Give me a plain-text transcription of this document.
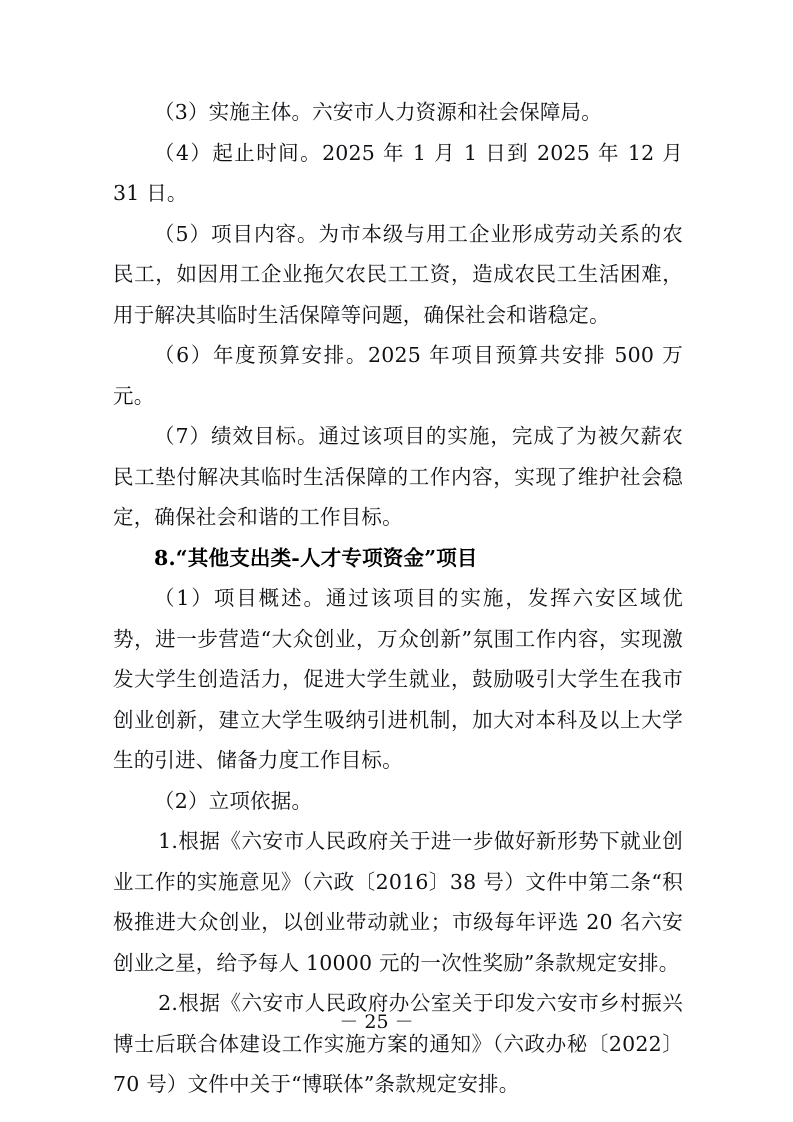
（3）实施主体。六安市人力资源和社会保障局。

（4）起止时间。2025 年 1 月 1 日到 2025 年 12 月 31 日。

（5）项目内容。为市本级与用工企业形成劳动关系的农民工，如因用工企业拖欠农民工工资，造成农民工生活困难，用于解决其临时生活保障等问题，确保社会和谐稳定。

（6）年度预算安排。2025 年项目预算共安排 500 万元。

（7）绩效目标。通过该项目的实施，完成了为被欠薪农民工垫付解决其临时生活保障的工作内容，实现了维护社会稳定，确保社会和谐的工作目标。

8.“其他支出类-人才专项资金”项目

（1）项目概述。通过该项目的实施，发挥六安区域优势，进一步营造“大众创业，万众创新”氛围工作内容，实现激发大学生创造活力，促进大学生就业，鼓励吸引大学生在我市创业创新，建立大学生吸纳引进机制，加大对本科及以上大学生的引进、储备力度工作目标。

（2）立项依据。

1.根据《六安市人民政府关于进一步做好新形势下就业创业工作的实施意见》（六政〔2016〕38 号）文件中第二条“积极推进大众创业，以创业带动就业；市级每年评选 20 名六安创业之星，给予每人 10000 元的一次性奖励”条款规定安排。

2.根据《六安市人民政府办公室关于印发六安市乡村振兴博士后联合体建设工作实施方案的通知》（六政办秘〔2022〕70 号）文件中关于“博联体”条款规定安排。

－ 25 －
